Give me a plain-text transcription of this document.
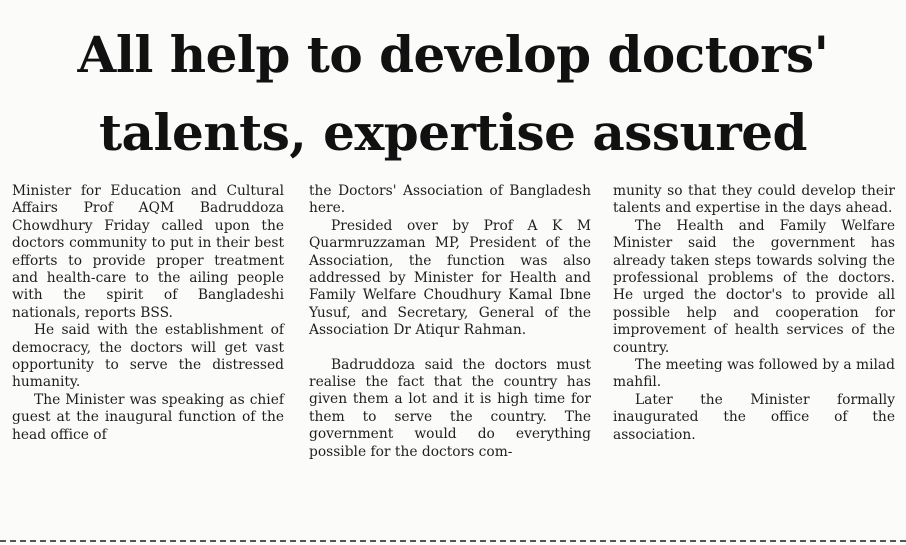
All help to develop doctors'
talents, expertise assured

Minister for Education and Cultural Affairs Prof AQM Badruddoza Chowdhury Friday called upon the doctors community to put in their best efforts to provide proper treatment and health-care to the ailing people with the spirit of Bangladeshi nationals, reports BSS.

He said with the establishment of democracy, the doctors will get vast opportunity to serve the distressed humanity.

The Minister was speaking as chief guest at the inaugural function of the head office of

the Doctors' Association of Bangladesh here.

Presided over by Prof A K M Quarmruzzaman MP, President of the Association, the function was also addressed by Minister for Health and Family Welfare Choudhury Kamal Ibne Yusuf, and Secretary, General of the Association Dr Atiqur Rahman.

Badruddoza said the doctors must realise the fact that the country has given them a lot and it is high time for them to serve the country. The government would do everything possible for the doctors com-

munity so that they could develop their talents and expertise in the days ahead.

The Health and Family Welfare Minister said the government has already taken steps towards solving the professional problems of the doctors. He urged the doctor's to provide all possible help and cooperation for improvement of health services of the country.

The meeting was followed by a milad mahfil.

Later the Minister formally inaugurated the office of the association.
